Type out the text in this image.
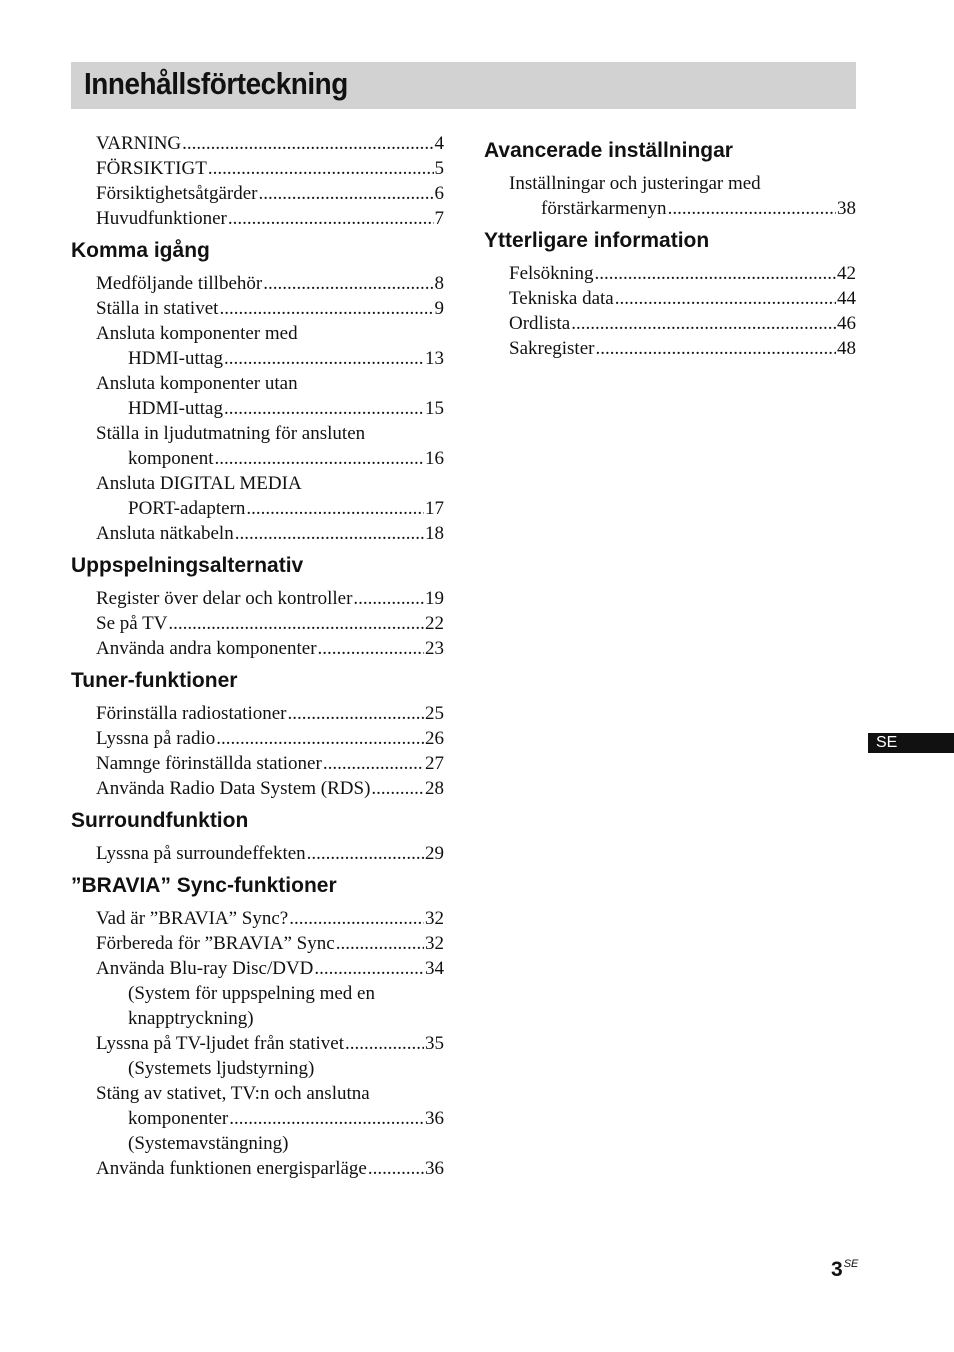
Innehållsförteckning
VARNING .....	4
FÖRSIKTIGT .....	5
Försiktighetsåtgärder .....	6
Huvudfunktioner .....	7
Komma igång
Medföljande tillbehör .....	8
Ställa in stativet .....	9
Ansluta komponenter med
HDMI-uttag .....	13
Ansluta komponenter utan
HDMI-uttag .....	15
Ställa in ljudutmatning för ansluten
komponent .....	16
Ansluta DIGITAL MEDIA
PORT-adaptern .....	17
Ansluta nätkabeln .....	18
Uppspelningsalternativ
Register över delar och kontroller .....	19
Se på TV .....	22
Använda andra komponenter .....	23
Tuner-funktioner
Förinställa radiostationer .....	25
Lyssna på radio .....	26
Namnge förinställda stationer .....	27
Använda Radio Data System (RDS) .....	28
Surroundfunktion
Lyssna på surroundeffekten .....	29
”BRAVIA” Sync-funktioner
Vad är ”BRAVIA” Sync? .....	32
Förbereda för ”BRAVIA” Sync .....	32
Använda Blu-ray Disc/DVD .....	34
(System för uppspelning med en
knapptryckning)
Lyssna på TV-ljudet från stativet .....	35
(Systemets ljudstyrning)
Stäng av stativet, TV:n och anslutna
komponenter .....	36
(Systemavstängning)
Använda funktionen energisparläge .....	36
Avancerade inställningar
Inställningar och justeringar med
förstärkarmenyn .....	38
Ytterligare information
Felsökning .....	42
Tekniska data .....	44
Ordlista .....	46
Sakregister .....	48
SE
$3^{SE}$
